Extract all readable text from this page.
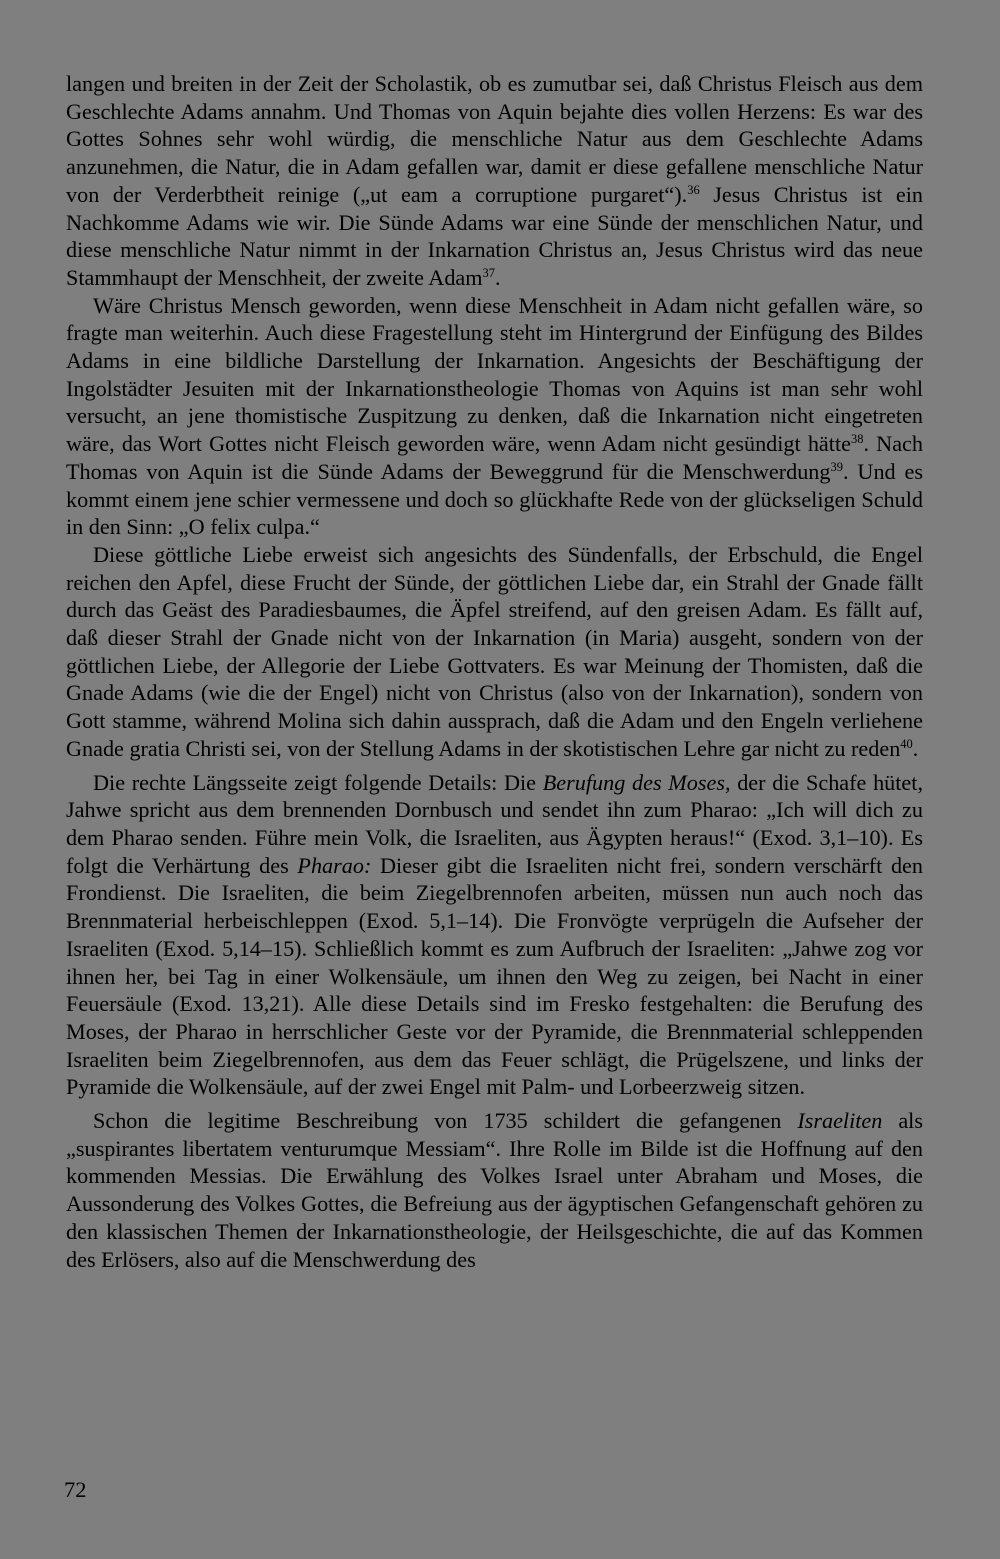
langen und breiten in der Zeit der Scholastik, ob es zumutbar sei, daß Christus Fleisch aus dem Geschlechte Adams annahm. Und Thomas von Aquin bejahte dies vollen Herzens: Es war des Gottes Sohnes sehr wohl würdig, die menschliche Natur aus dem Geschlechte Adams anzunehmen, die Natur, die in Adam gefallen war, damit er diese gefallene menschliche Natur von der Verderbtheit reinige („ut eam a corruptione purgaret“).$^{36}$ Jesus Christus ist ein Nachkomme Adams wie wir. Die Sünde Adams war eine Sünde der menschlichen Natur, und diese menschliche Natur nimmt in der Inkarnation Christus an, Jesus Christus wird das neue Stammhaupt der Menschheit, der zweite Adam$^{37}$.

Wäre Christus Mensch geworden, wenn diese Menschheit in Adam nicht gefallen wäre, so fragte man weiterhin. Auch diese Fragestellung steht im Hintergrund der Einfügung des Bildes Adams in eine bildliche Darstellung der Inkarnation. Angesichts der Beschäftigung der Ingolstädter Jesuiten mit der Inkarnationstheologie Thomas von Aquins ist man sehr wohl versucht, an jene thomistische Zuspitzung zu denken, daß die Inkarnation nicht eingetreten wäre, das Wort Gottes nicht Fleisch geworden wäre, wenn Adam nicht gesündigt hätte$^{38}$. Nach Thomas von Aquin ist die Sünde Adams der Beweggrund für die Menschwerdung$^{39}$. Und es kommt einem jene schier vermessene und doch so glückhafte Rede von der glückseligen Schuld in den Sinn: „O felix culpa.“

Diese göttliche Liebe erweist sich angesichts des Sündenfalls, der Erbschuld, die Engel reichen den Apfel, diese Frucht der Sünde, der göttlichen Liebe dar, ein Strahl der Gnade fällt durch das Geäst des Paradiesbaumes, die Äpfel streifend, auf den greisen Adam. Es fällt auf, daß dieser Strahl der Gnade nicht von der Inkarnation (in Maria) ausgeht, sondern von der göttlichen Liebe, der Allegorie der Liebe Gottvaters. Es war Meinung der Thomisten, daß die Gnade Adams (wie die der Engel) nicht von Christus (also von der Inkarnation), sondern von Gott stamme, während Molina sich dahin aussprach, daß die Adam und den Engeln verliehene Gnade gratia Christi sei, von der Stellung Adams in der skotistischen Lehre gar nicht zu reden$^{40}$.

Die rechte Längsseite zeigt folgende Details: Die Berufung des Moses, der die Schafe hütet, Jahwe spricht aus dem brennenden Dornbusch und sendet ihn zum Pharao: „Ich will dich zu dem Pharao senden. Führe mein Volk, die Israeliten, aus Ägypten heraus!“ (Exod. 3,1–10). Es folgt die Verhärtung des Pharao: Dieser gibt die Israeliten nicht frei, sondern verschärft den Frondienst. Die Israeliten, die beim Ziegelbrennofen arbeiten, müssen nun auch noch das Brennmaterial herbeischleppen (Exod. 5,1–14). Die Fronvögte verprügeln die Aufseher der Israeliten (Exod. 5,14–15). Schließlich kommt es zum Aufbruch der Israeliten: „Jahwe zog vor ihnen her, bei Tag in einer Wolkensäule, um ihnen den Weg zu zeigen, bei Nacht in einer Feuersäule (Exod. 13,21). Alle diese Details sind im Fresko festgehalten: die Berufung des Moses, der Pharao in herrschlicher Geste vor der Pyramide, die Brennmaterial schleppenden Israeliten beim Ziegelbrennofen, aus dem das Feuer schlägt, die Prügelszene, und links der Pyramide die Wolkensäule, auf der zwei Engel mit Palm- und Lorbeerzweig sitzen.

Schon die legitime Beschreibung von 1735 schildert die gefangenen Israeliten als „suspirantes libertatem venturumque Messiam“. Ihre Rolle im Bilde ist die Hoffnung auf den kommenden Messias. Die Erwählung des Volkes Israel unter Abraham und Moses, die Aussonderung des Volkes Gottes, die Befreiung aus der ägyptischen Gefangenschaft gehören zu den klassischen Themen der Inkarnationstheologie, der Heilsgeschichte, die auf das Kommen des Erlösers, also auf die Menschwerdung des

72
